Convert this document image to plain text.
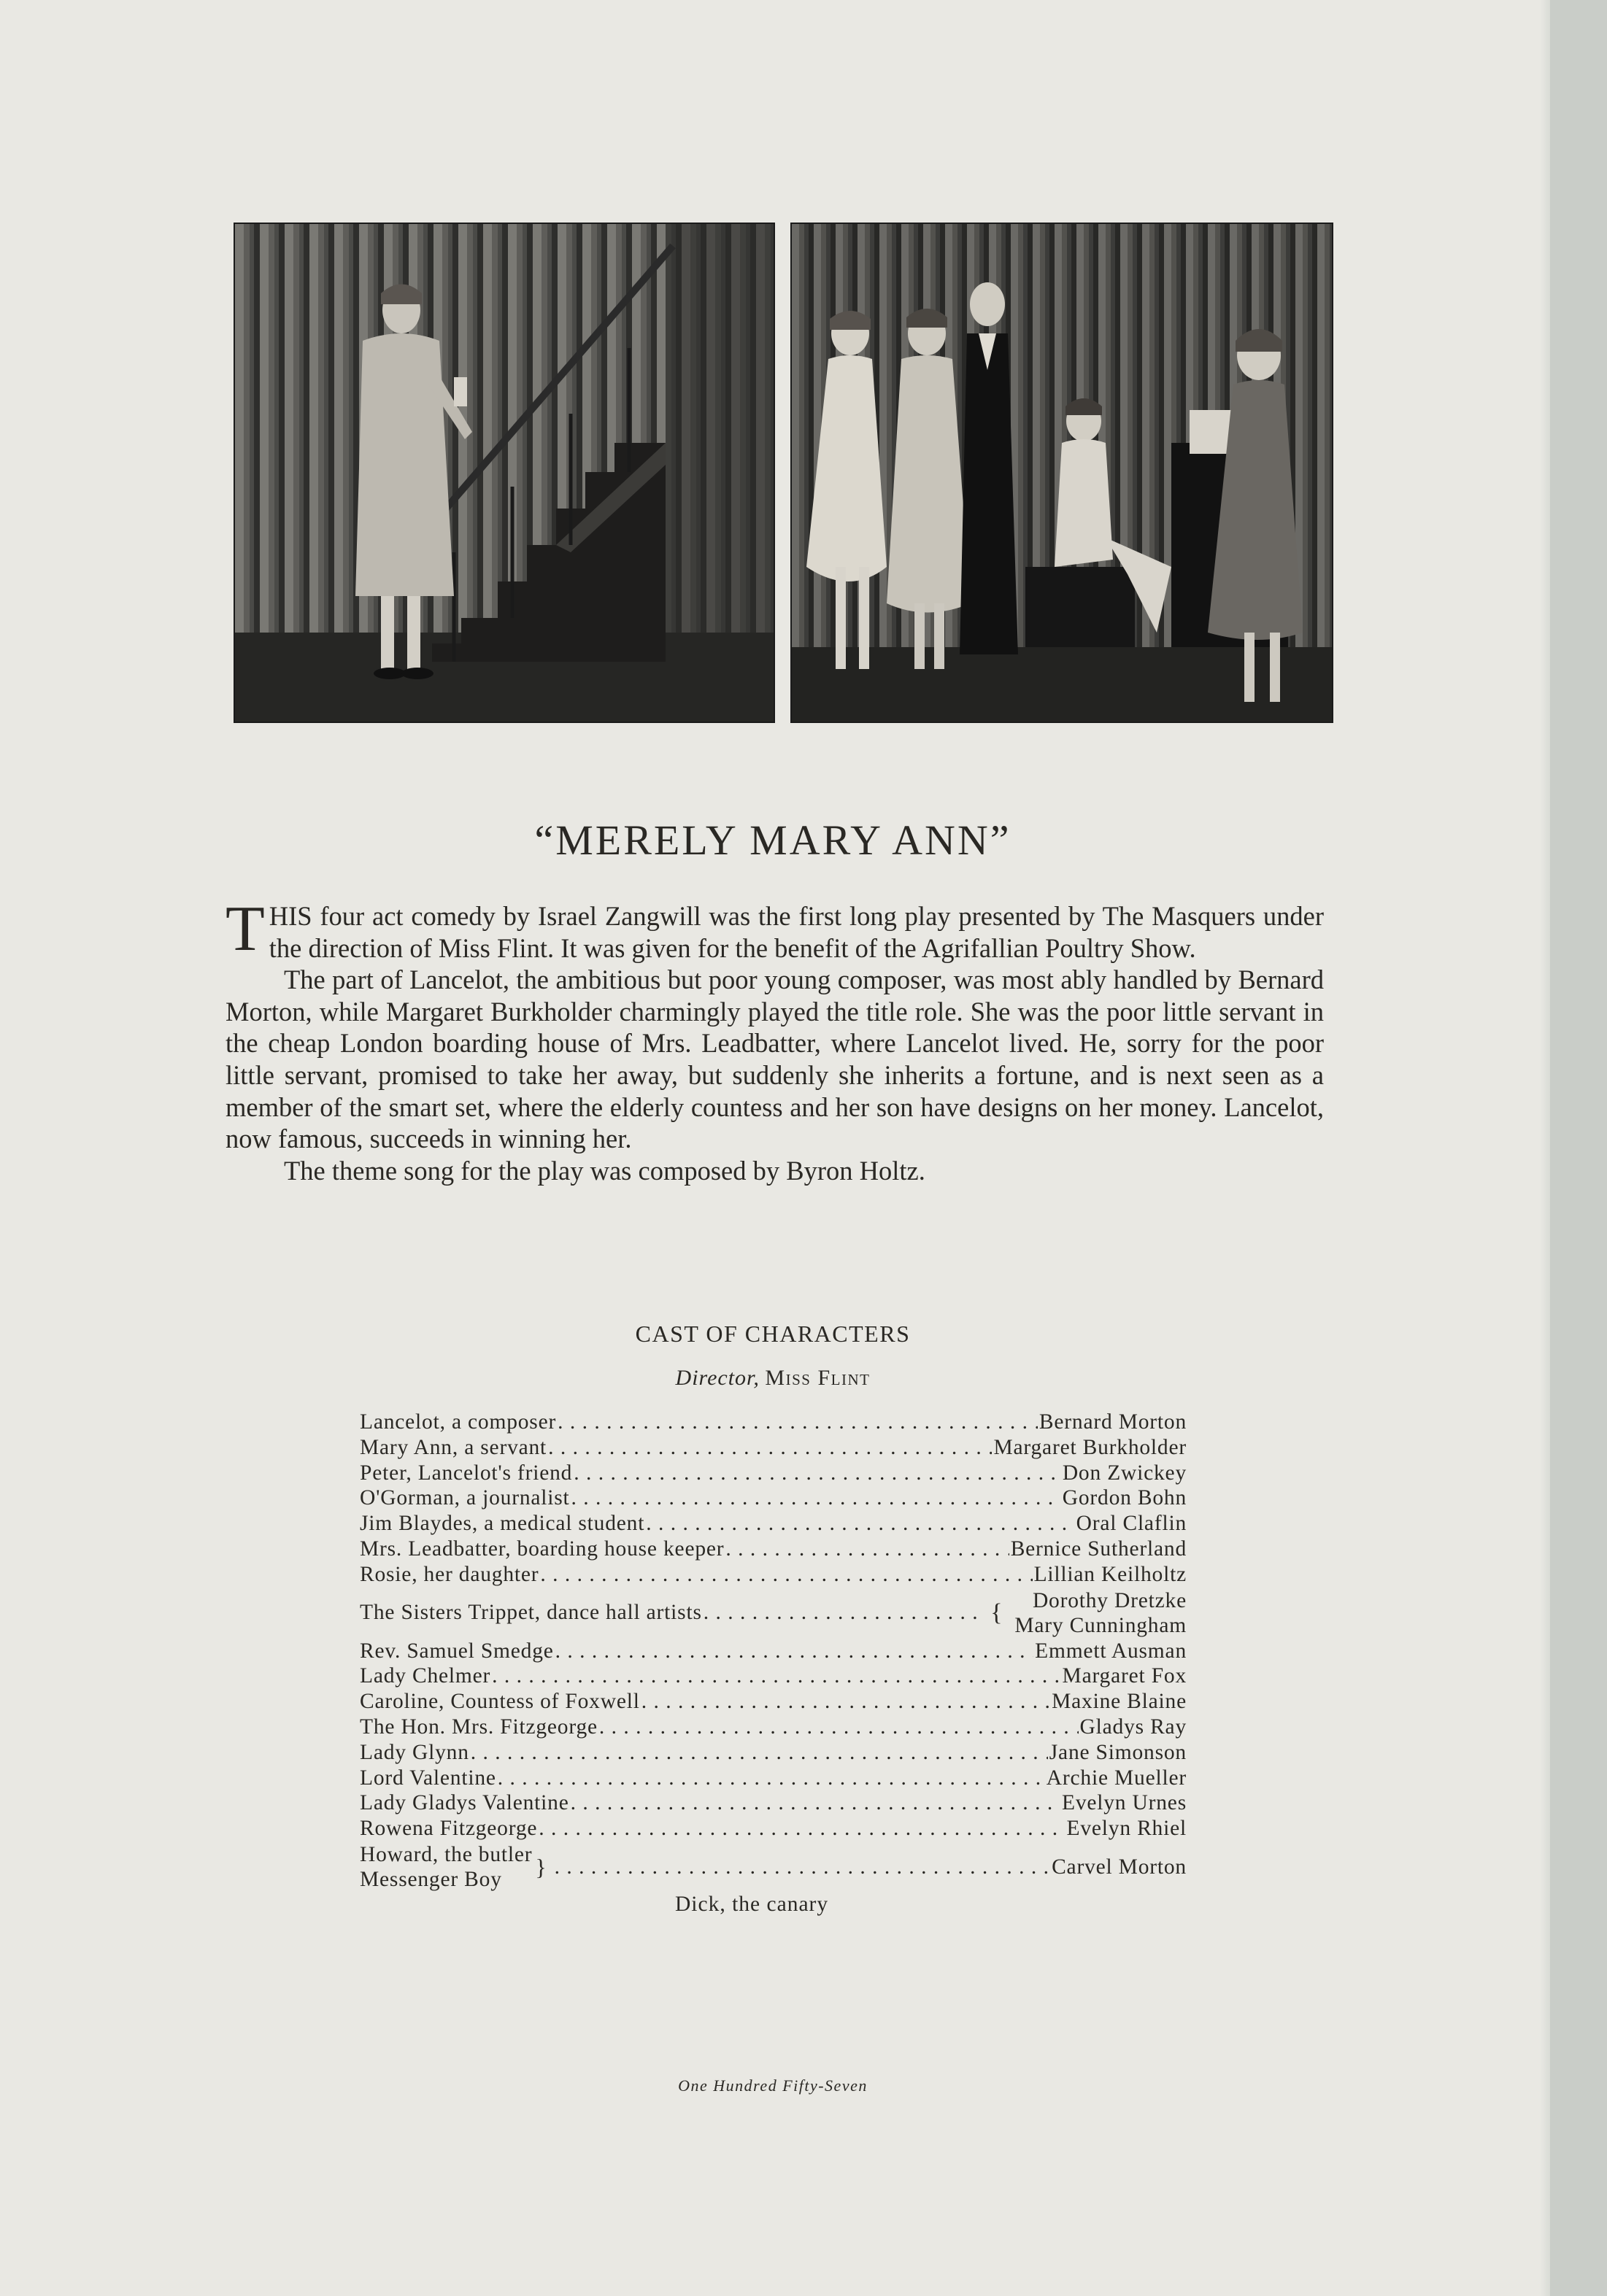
“MERELY MARY ANN”

THIS four act comedy by Israel Zangwill was the first long play presented by The Masquers under the direction of Miss Flint. It was given for the benefit of the Agrifallian Poultry Show.

The part of Lancelot, the ambitious but poor young composer, was most ably handled by Bernard Morton, while Margaret Burkholder charmingly played the title role. She was the poor little servant in the cheap London boarding house of Mrs. Leadbatter, where Lancelot lived. He, sorry for the poor little servant, promised to take her away, but suddenly she inherits a fortune, and is next seen as a member of the smart set, where the elderly countess and her son have designs on her money. Lancelot, now famous, succeeds in winning her.

The theme song for the play was composed by Byron Holtz.

CAST OF CHARACTERS
Director, Miss Flint
Lancelot, a composer . . .	Bernard Morton
Mary Ann, a servant . . .	Margaret Burkholder
Peter, Lancelot's friend . . .	Don Zwickey
O'Gorman, a journalist . . .	Gordon Bohn
Jim Blaydes, a medical student . . .	Oral Claflin
Mrs. Leadbatter, boarding house keeper . . .	Bernice Sutherland
Rosie, her daughter . . .	Lillian Keilholtz
The Sisters Trippet, dance hall artists . . .	{	Dorothy Dretzke
Mary Cunningham
Rev. Samuel Smedge . . .	Emmett Ausman
Lady Chelmer . . .	Margaret Fox
Caroline, Countess of Foxwell . . .	Maxine Blaine
The Hon. Mrs. Fitzgeorge . . .	Gladys Ray
Lady Glynn . . .	Jane Simonson
Lord Valentine . . .	Archie Mueller
Lady Gladys Valentine . . .	Evelyn Urnes
Rowena Fitzgeorge . . .	Evelyn Rhiel
Howard, the butler
Messenger Boy	} . . .	Carvel Morton
Dick, the canary
One Hundred Fifty-Seven
